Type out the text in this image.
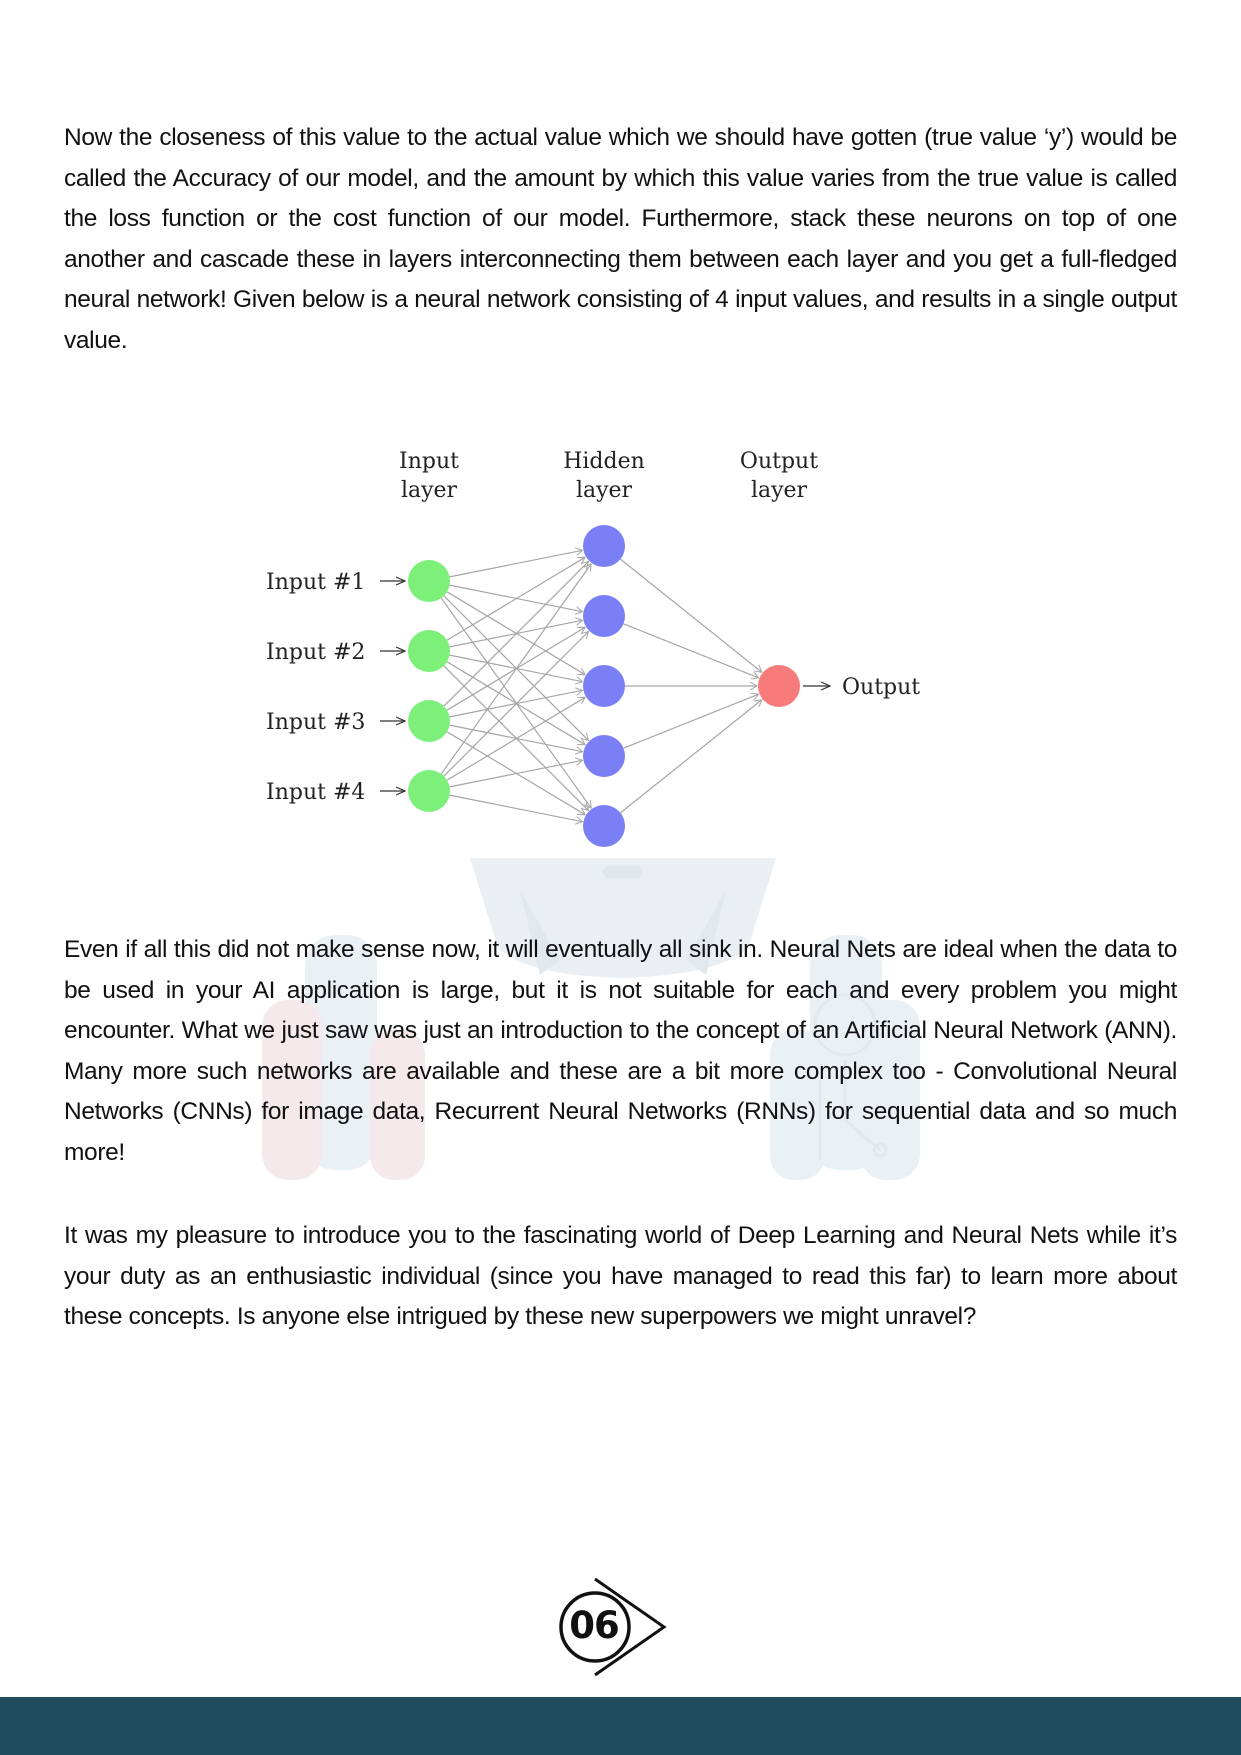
Now the closeness of this value to the actual value which we should have gotten (true value ‘y’) would be called the Accuracy of our model, and the amount by which this value varies from the true value is called the loss function or the cost function of our model. Furthermore, stack these neurons on top of one another and cascade these in layers interconnecting them between each layer and you get a full-fledged neural network! Given below is a neural network consisting of 4 input values, and results in a single output value.

Input
layer
Hidden
layer
Output
layer
Input #1
Input #2
Input #3
Input #4
Output

Even if all this did not make sense now, it will eventually all sink in. Neural Nets are ideal when the data to be used in your AI application is large, but it is not suitable for each and every problem you might encounter. What we just saw was just an introduction to the concept of an Artificial Neural Network (ANN). Many more such networks are available and these are a bit more complex too - Convolutional Neural Networks (CNNs) for image data, Recurrent Neural Networks (RNNs) for sequential data and so much more!

It was my pleasure to introduce you to the fascinating world of Deep Learning and Neural Nets while it’s your duty as an enthusiastic individual (since you have managed to read this far) to learn more about these concepts. Is anyone else intrigued by these new superpowers we might unravel?

06
